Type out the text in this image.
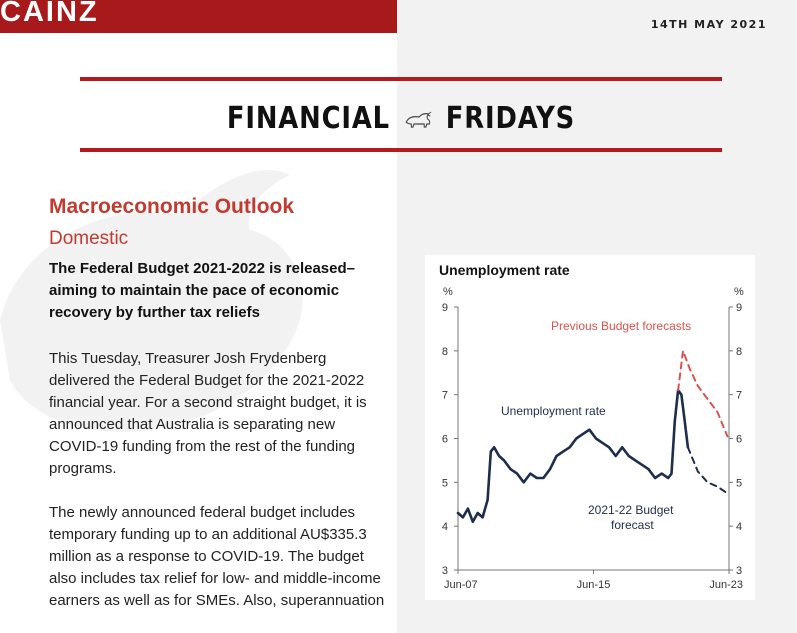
CAINZ	14TH MAY 2021
FINANCIAL FRIDAYS
Macroeconomic Outlook
Domestic

The Federal Budget 2021-2022 is released–aiming to maintain the pace of economic recovery by further tax reliefs

This Tuesday, Treasurer Josh Frydenberg delivered the Federal Budget for the 2021-2022 financial year. For a second straight budget, it is announced that Australia is separating new COVID-19 funding from the rest of the funding programs.

The newly announced federal budget includes temporary funding up to an additional AU$335.3 million as a response to COVID-19. The budget also includes tax relief for low- and middle-income earners as well as for SMEs. Also, superannuation

Unemployment rate
%	%
3	3
4	4
5	5
6	6
7	7
8	8
9	9
Jun-07	Jun-15	Jun-23
Previous Budget forecasts
Unemployment rate
2021-22 Budget
forecast
